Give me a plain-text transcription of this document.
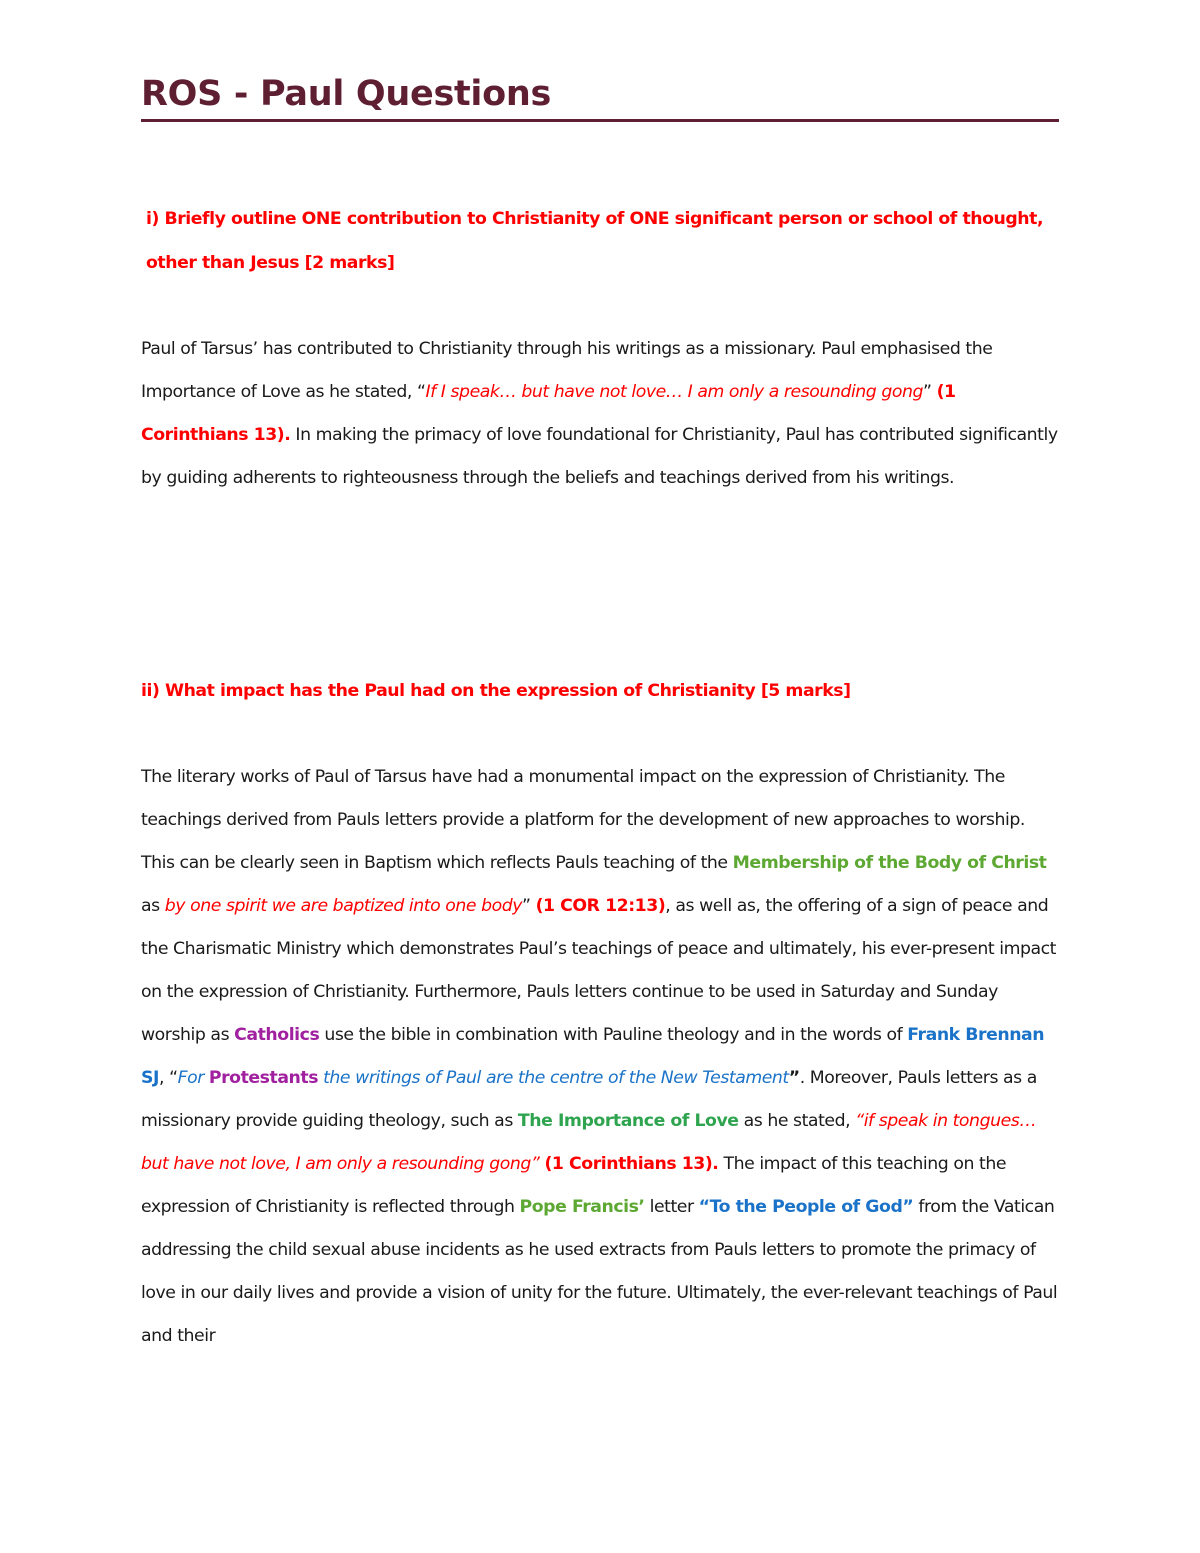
ROS - Paul Questions

i) Briefly outline ONE contribution to Christianity of ONE significant person or school of thought, other than Jesus [2 marks]

Paul of Tarsus’ has contributed to Christianity through his writings as a missionary. Paul emphasised the Importance of Love as he stated, “If I speak… but have not love… I am only a resounding gong” (1 Corinthians 13). In making the primacy of love foundational for Christianity, Paul has contributed significantly by guiding adherents to righteousness through the beliefs and teachings derived from his writings.

ii) What impact has the Paul had on the expression of Christianity [5 marks]

The literary works of Paul of Tarsus have had a monumental impact on the expression of Christianity. The teachings derived from Pauls letters provide a platform for the development of new approaches to worship. This can be clearly seen in Baptism which reflects Pauls teaching of the Membership of the Body of Christ as by one spirit we are baptized into one body” (1 COR 12:13), as well as, the offering of a sign of peace and the Charismatic Ministry which demonstrates Paul’s teachings of peace and ultimately, his ever-present impact on the expression of Christianity. Furthermore, Pauls letters continue to be used in Saturday and Sunday worship as Catholics use the bible in combination with Pauline theology and in the words of Frank Brennan SJ, “For Protestants the writings of Paul are the centre of the New Testament”. Moreover, Pauls letters as a missionary provide guiding theology, such as The Importance of Love as he stated, “if speak in tongues… but have not love, I am only a resounding gong” (1 Corinthians 13). The impact of this teaching on the expression of Christianity is reflected through Pope Francis’ letter “To the People of God” from the Vatican addressing the child sexual abuse incidents as he used extracts from Pauls letters to promote the primacy of love in our daily lives and provide a vision of unity for the future. Ultimately, the ever-relevant teachings of Paul and their
